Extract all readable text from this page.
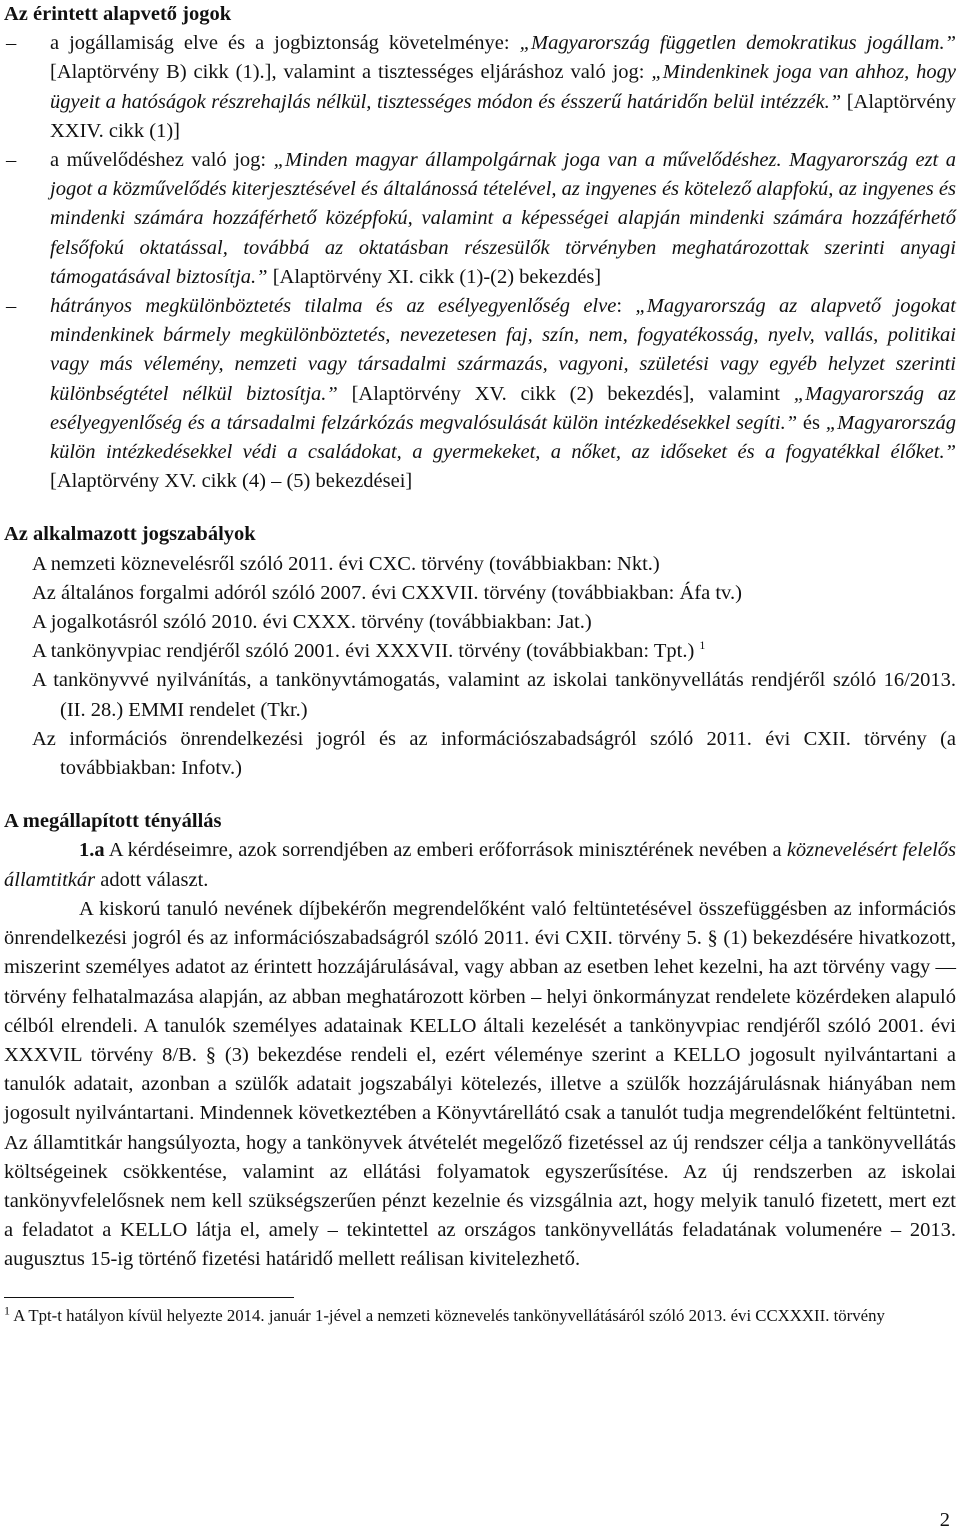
Az érintett alapvető jogok

– a jogállamiság elve és a jogbiztonság követelménye: „Magyarország független demokratikus jogállam.” [Alaptörvény B) cikk (1).], valamint a tisztességes eljáráshoz való jog: „Mindenkinek joga van ahhoz, hogy ügyeit a hatóságok részrehajlás nélkül, tisztességes módon és ésszerű határidőn belül intézzék.” [Alaptörvény XXIV. cikk (1)]

– a művelődéshez való jog: „Minden magyar állampolgárnak joga van a művelődéshez. Magyarország ezt a jogot a közművelődés kiterjesztésével és általánossá tételével, az ingyenes és kötelező alapfokú, az ingyenes és mindenki számára hozzáférhető középfokú, valamint a képességei alapján mindenki számára hozzáférhető felsőfokú oktatással, továbbá az oktatásban részesülők törvényben meghatározottak szerinti anyagi támogatásával biztosítja.” [Alaptörvény XI. cikk (1)-(2) bekezdés]

– hátrányos megkülönböztetés tilalma és az esélyegyenlőség elve: „Magyarország az alapvető jogokat mindenkinek bármely megkülönböztetés, nevezetesen faj, szín, nem, fogyatékosság, nyelv, vallás, politikai vagy más vélemény, nemzeti vagy társadalmi származás, vagyoni, születési vagy egyéb helyzet szerinti különbségtétel nélkül biztosítja.” [Alaptörvény XV. cikk (2) bekezdés], valamint „Magyarország az esélyegyenlőség és a társadalmi felzárkózás megvalósulását külön intézkedésekkel segíti.” és „Magyarország külön intézkedésekkel védi a családokat, a gyermekeket, a nőket, az időseket és a fogyatékkal élőket.” [Alaptörvény XV. cikk (4) – (5) bekezdései]

Az alkalmazott jogszabályok

A nemzeti köznevelésről szóló 2011. évi CXC. törvény (továbbiakban: Nkt.)

Az általános forgalmi adóról szóló 2007. évi CXXVII. törvény (továbbiakban: Áfa tv.)

A jogalkotásról szóló 2010. évi CXXX. törvény (továbbiakban: Jat.)

A tankönyvpiac rendjéről szóló 2001. évi XXXVII. törvény (továbbiakban: Tpt.) $^1$

A tankönyvvé nyilvánítás, a tankönyvtámogatás, valamint az iskolai tankönyvellátás rendjéről szóló 16/2013. (II. 28.) EMMI rendelet (Tkr.)

Az információs önrendelkezési jogról és az információszabadságról szóló 2011. évi CXII. törvény (a továbbiakban: Infotv.)

A megállapított tényállás

1.a A kérdéseimre, azok sorrendjében az emberi erőforrások minisztérének nevében a köznevelésért felelős államtitkár adott választ.

A kiskorú tanuló nevének díjbekérőn megrendelőként való feltüntetésével összefüggésben az információs önrendelkezési jogról és az információszabadságról szóló 2011. évi CXII. törvény 5. § (1) bekezdésére hivatkozott, miszerint személyes adatot az érintett hozzájárulásával, vagy abban az esetben lehet kezelni, ha azt törvény vagy — törvény felhatalmazása alapján, az abban meghatározott körben – helyi önkormányzat rendelete közérdeken alapuló célból elrendeli. A tanulók személyes adatainak KELLO általi kezelését a tankönyvpiac rendjéről szóló 2001. évi XXXVIL törvény 8/B. § (3) bekezdése rendeli el, ezért véleménye szerint a KELLO jogosult nyilvántartani a tanulók adatait, azonban a szülők adatait jogszabályi kötelezés, illetve a szülők hozzájárulásnak hiányában nem jogosult nyilvántartani. Mindennek következtében a Könyvtárellátó csak a tanulót tudja megrendelőként feltüntetni. Az államtitkár hangsúlyozta, hogy a tankönyvek átvételét megelőző fizetéssel az új rendszer célja a tankönyvellátás költségeinek csökkentése, valamint az ellátási folyamatok egyszerűsítése. Az új rendszerben az iskolai tankönyvfelelősnek nem kell szükségszerűen pénzt kezelnie és vizsgálnia azt, hogy melyik tanuló fizetett, mert ezt a feladatot a KELLO látja el, amely – tekintettel az országos tankönyvellátás feladatának volumenére – 2013. augusztus 15-ig történő fizetési határidő mellett reálisan kivitelezhető.

$^1$ A Tpt-t hatályon kívül helyezte 2014. január 1-jével a nemzeti köznevelés tankönyvellátásáról szóló 2013. évi CCXXXII. törvény

2
